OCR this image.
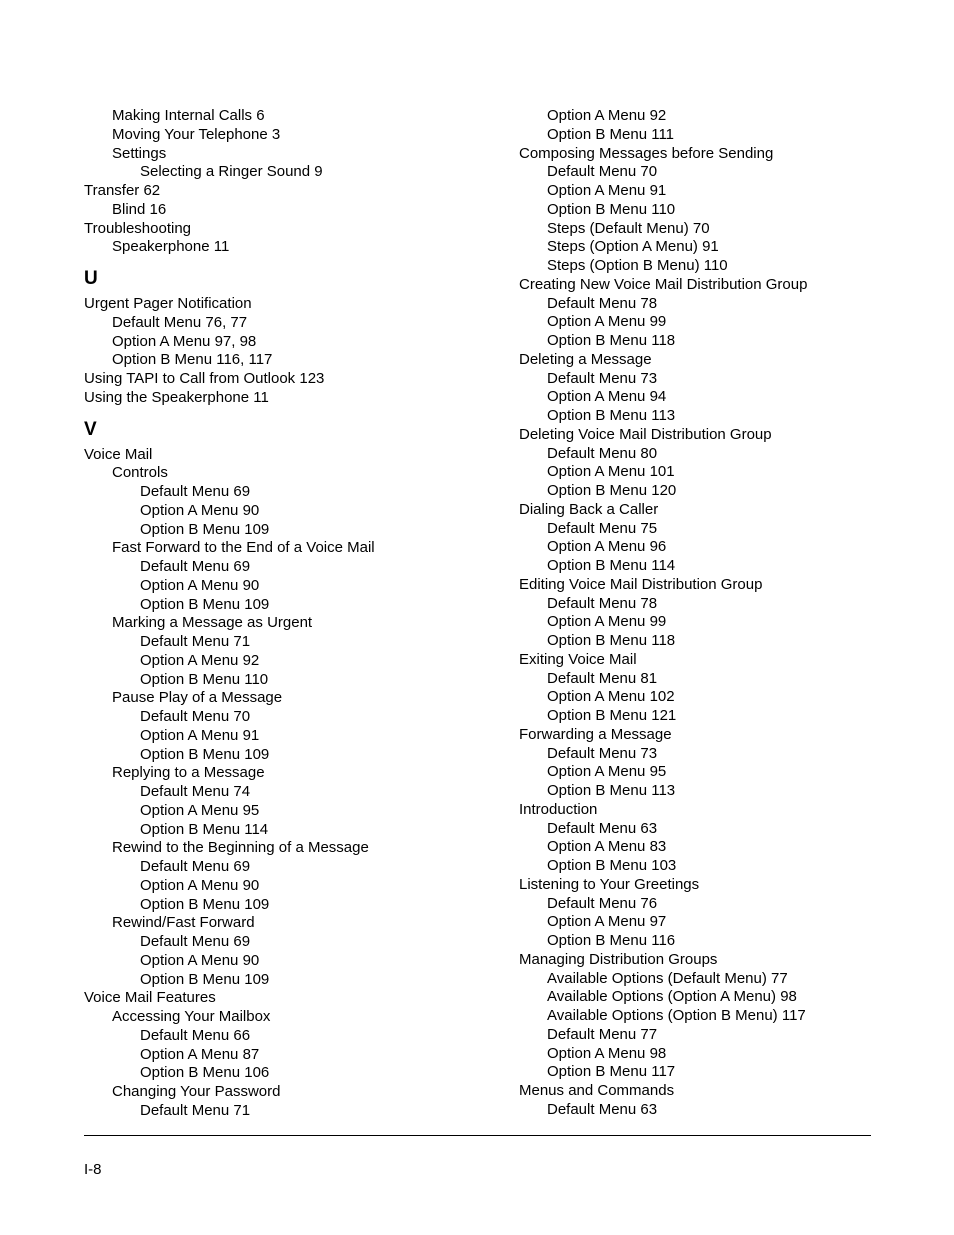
Making Internal Calls 6
Moving Your Telephone 3
Settings
Selecting a Ringer Sound 9
Transfer 62
Blind 16
Troubleshooting
Speakerphone 11
U
Urgent Pager Notification
Default Menu 76, 77
Option A Menu 97, 98
Option B Menu 116, 117
Using TAPI to Call from Outlook 123
Using the Speakerphone 11
V
Voice Mail
Controls
Default Menu 69
Option A Menu 90
Option B Menu 109
Fast Forward to the End of a Voice Mail
Default Menu 69
Option A Menu 90
Option B Menu 109
Marking a Message as Urgent
Default Menu 71
Option A Menu 92
Option B Menu 110
Pause Play of a Message
Default Menu 70
Option A Menu 91
Option B Menu 109
Replying to a Message
Default Menu 74
Option A Menu 95
Option B Menu 114
Rewind to the Beginning of a Message
Default Menu 69
Option A Menu 90
Option B Menu 109
Rewind/Fast Forward
Default Menu 69
Option A Menu 90
Option B Menu 109
Voice Mail Features
Accessing Your Mailbox
Default Menu 66
Option A Menu 87
Option B Menu 106
Changing Your Password
Default Menu 71
Option A Menu 92
Option B Menu 111
Composing Messages before Sending
Default Menu 70
Option A Menu 91
Option B Menu 110
Steps (Default Menu) 70
Steps (Option A Menu) 91
Steps (Option B Menu) 110
Creating New Voice Mail Distribution Group
Default Menu 78
Option A Menu 99
Option B Menu 118
Deleting a Message
Default Menu 73
Option A Menu 94
Option B Menu 113
Deleting Voice Mail Distribution Group
Default Menu 80
Option A Menu 101
Option B Menu 120
Dialing Back a Caller
Default Menu 75
Option A Menu 96
Option B Menu 114
Editing Voice Mail Distribution Group
Default Menu 78
Option A Menu 99
Option B Menu 118
Exiting Voice Mail
Default Menu 81
Option A Menu 102
Option B Menu 121
Forwarding a Message
Default Menu 73
Option A Menu 95
Option B Menu 113
Introduction
Default Menu 63
Option A Menu 83
Option B Menu 103
Listening to Your Greetings
Default Menu 76
Option A Menu 97
Option B Menu 116
Managing Distribution Groups
Available Options (Default Menu) 77
Available Options (Option A Menu) 98
Available Options (Option B Menu) 117
Default Menu 77
Option A Menu 98
Option B Menu 117
Menus and Commands
Default Menu 63
I-8
